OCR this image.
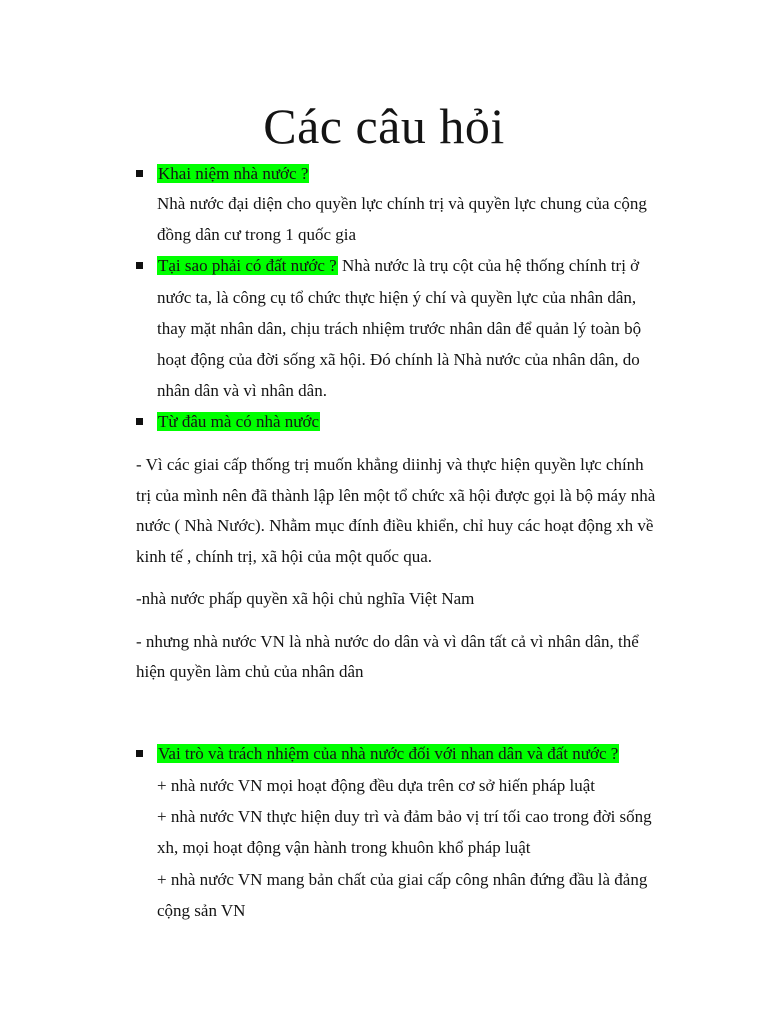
Các câu hỏi
Khai niệm nhà nước ?
Nhà nước đại diện cho quyền lực chính trị và quyền lực chung của cộng
đồng dân cư trong 1 quốc gia
Tại sao phải có đất nước ? Nhà nước là trụ cột của hệ thống chính trị ở
nước ta, là công cụ tổ chức thực hiện ý chí và quyền lực của nhân dân,
thay mặt nhân dân, chịu trách nhiệm trước nhân dân để quản lý toàn bộ
hoạt động của đời sống xã hội. Đó chính là Nhà nước của nhân dân, do
nhân dân và vì nhân dân.
Từ đâu mà có nhà nước
- Vì các giai cấp thống trị muốn khẳng diinhj và thực hiện quyền lực chính
trị của mình nên đã thành lập lên một tổ chức xã hội được gọi là bộ máy nhà
nước ( Nhà Nước). Nhằm mục đính điều khiển, chỉ huy các hoạt động xh về
kinh tế , chính trị, xã hội của một quốc qua.
-nhà nước phấp quyền xã hội chủ nghĩa Việt Nam
- nhưng nhà nước VN là nhà nước do dân và vì dân tất cả vì nhân dân, thể
hiện quyền làm chủ của nhân dân
Vai trò và trách nhiệm của nhà nước đối với nhan dân và đất nước ?
+ nhà nước VN mọi hoạt động đều dựa trên cơ sở hiến pháp luật
+ nhà nước VN thực hiện duy trì và đảm bảo vị trí tối cao trong đời sống
xh, mọi hoạt động vận hành trong khuôn khổ pháp luật
+ nhà nước VN mang bản chất của giai cấp công nhân đứng đầu là đảng
cộng sản VN
